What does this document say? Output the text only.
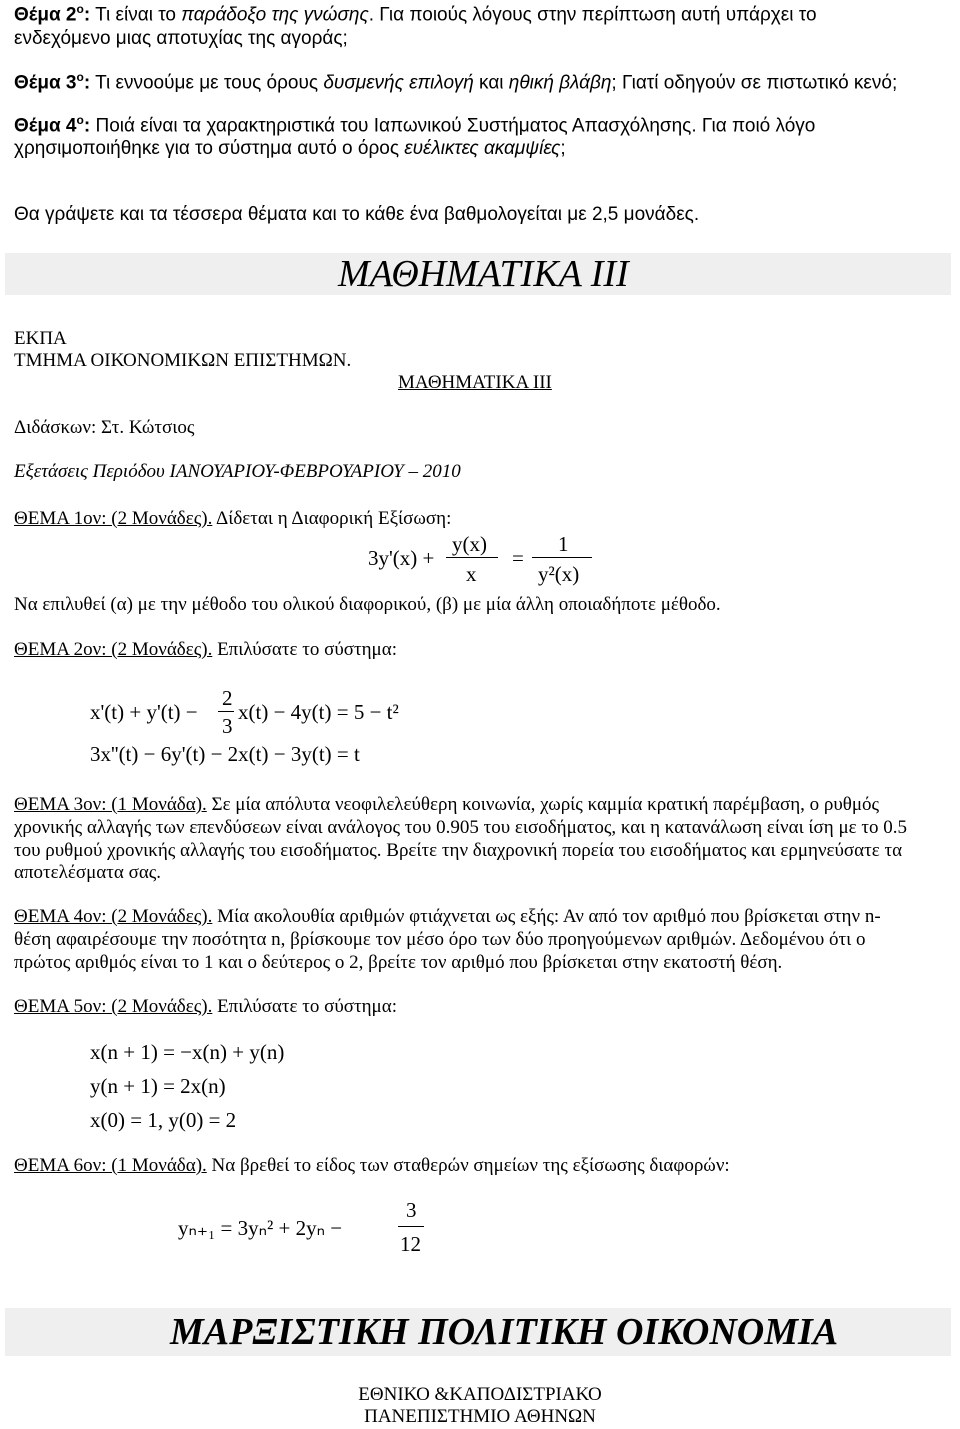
Θέμα $2^o$: Τι είναι το παράδοξο της γνώσης. Για ποιούς λόγους στην περίπτωση αυτή υπάρχει το
ενδεχόμενο μιας αποτυχίας της αγοράς;
Θέμα $3^o$: Τι εννοούμε με τους όρους δυσμενής επιλογή και ηθική βλάβη; Γιατί οδηγούν σε πιστωτικό κενό;
Θέμα $4^o$: Ποιά είναι τα χαρακτηριστικά του Ιαπωνικού Συστήματος Απασχόλησης. Για ποιό λόγο
χρησιμοποιήθηκε για το σύστημα αυτό ο όρος ευέλικτες ακαμψίες;
Θα γράψετε και τα τέσσερα θέματα και το κάθε ένα βαθμολογείται με 2,5 μονάδες.
ΜΑΘΗΜΑΤΙΚΑ ΙΙΙ
ΕΚΠΑ
ΤΜΗΜΑ ΟΙΚΟΝΟΜΙΚΩΝ ΕΠΙΣΤΗΜΩΝ.
ΜΑΘΗΜΑΤΙΚΑ ΙΙΙ
Διδάσκων: Στ. Κώτσιος
Εξετάσεις Περιόδου ΙΑΝΟΥΑΡΙΟΥ-ΦΕΒΡΟΥΑΡΙΟΥ – 2010
ΘΕΜΑ 1ον: (2 Μονάδες). Δίδεται η Διαφορική Εξίσωση:
3y'(x) +
y(x)
x
=
1
y²(x)
Να επιλυθεί (α) με την μέθοδο του ολικού διαφορικού, (β) με μία άλλη οποιαδήποτε μέθοδο.
ΘΕΜΑ 2ον: (2 Μονάδες). Επιλύσατε το σύστημα:
x'(t) + y'(t) −
2
3
x(t) − 4y(t) = 5 − t²
3x''(t) − 6y'(t) − 2x(t) − 3y(t) = t
ΘΕΜΑ 3ον: (1 Μονάδα). Σε μία απόλυτα νεοφιλελεύθερη κοινωνία, χωρίς καμμία κρατική παρέμβαση, ο ρυθμός
χρονικής αλλαγής των επενδύσεων είναι ανάλογος του 0.905 του εισοδήματος, και η κατανάλωση είναι ίση με το 0.5
του ρυθμού χρονικής αλλαγής του εισοδήματος. Βρείτε την διαχρονική πορεία του εισοδήματος και ερμηνεύσατε τα
αποτελέσματα σας.
ΘΕΜΑ 4ον: (2 Μονάδες). Μία ακολουθία αριθμών φτιάχνεται ως εξής: Αν από τον αριθμό που βρίσκεται στην n-
θέση αφαιρέσουμε την ποσότητα n, βρίσκουμε τον μέσο όρο των δύο προηγούμενων αριθμών. Δεδομένου ότι ο
πρώτος αριθμός είναι το 1 και ο δεύτερος ο 2, βρείτε τον αριθμό που βρίσκεται στην εκατοστή θέση.
ΘΕΜΑ 5ον: (2 Μονάδες). Επιλύσατε το σύστημα:
x(n + 1) = −x(n) + y(n)
y(n + 1) = 2x(n)
x(0) = 1, y(0) = 2
ΘΕΜΑ 6ον: (1 Μονάδα). Να βρεθεί το είδος των σταθερών σημείων της εξίσωσης διαφορών:
yₙ₊₁ = 3yₙ² + 2yₙ −
3
12
ΜΑΡΞΙΣΤΙΚΗ ΠΟΛΙΤΙΚΗ ΟΙΚΟΝΟΜΙΑ
ΕΘΝΙΚΟ &ΚΑΠΟΔΙΣΤΡΙΑΚΟ
ΠΑΝΕΠΙΣΤΗΜΙΟ ΑΘΗΝΩΝ
